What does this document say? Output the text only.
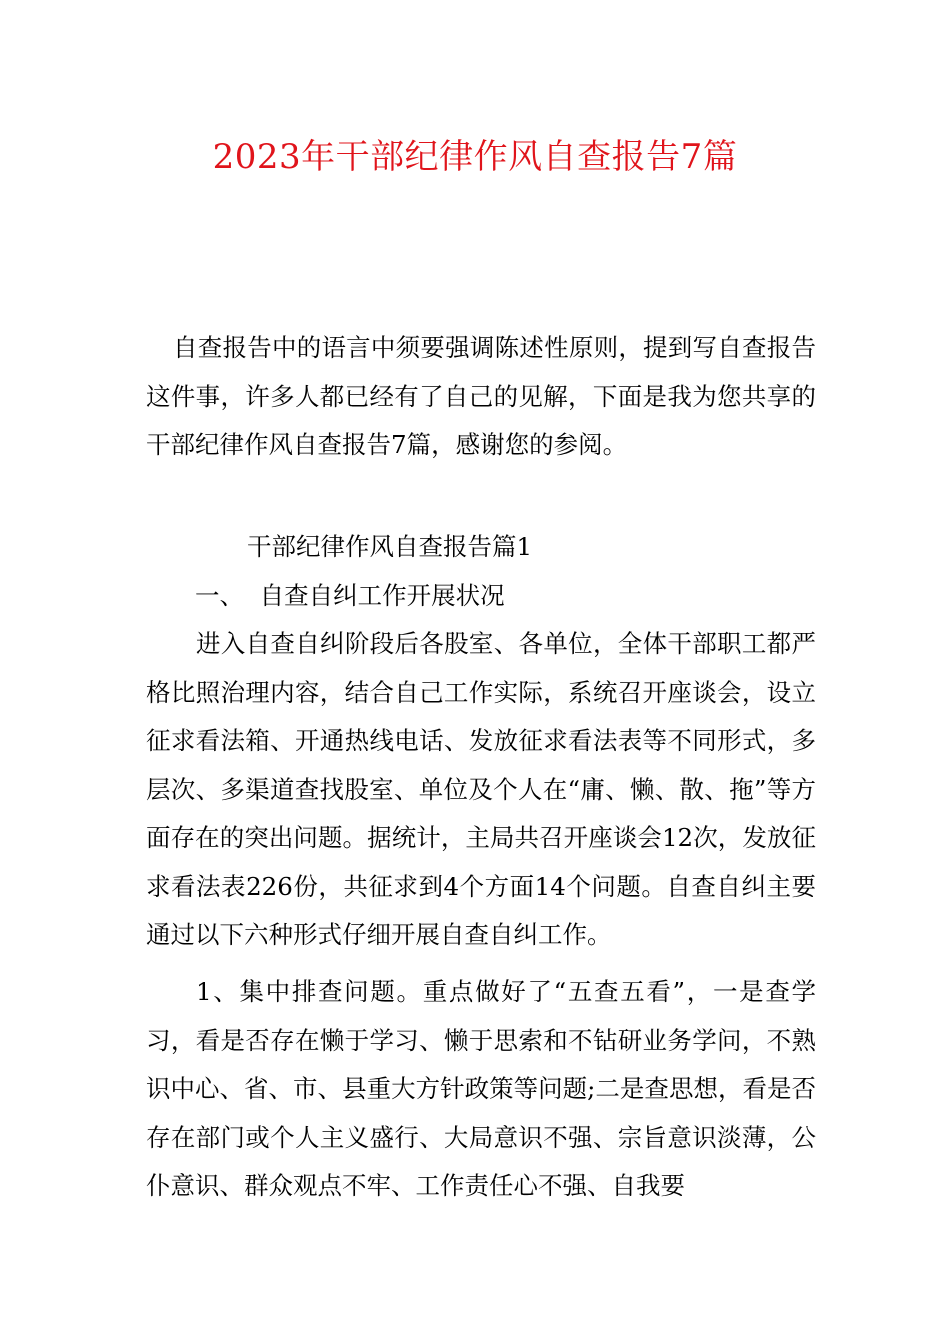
2023年干部纪律作风自查报告7篇

自查报告中的语言中须要强调陈述性原则，提到写自查报告这件事，许多人都已经有了自己的见解，下面是我为您共享的干部纪律作风自查报告7篇，感谢您的参阅。

干部纪律作风自查报告篇1
一、  自查自纠工作开展状况

进入自查自纠阶段后各股室、各单位，全体干部职工都严格比照治理内容，结合自己工作实际，系统召开座谈会，设立征求看法箱、开通热线电话、发放征求看法表等不同形式，多层次、多渠道查找股室、单位及个人在“庸、懒、散、拖”等方面存在的突出问题。据统计，主局共召开座谈会12次，发放征求看法表226份，共征求到4个方面14个问题。自查自纠主要通过以下六种形式仔细开展自查自纠工作。

1、集中排查问题。重点做好了“五查五看”，一是查学习，看是否存在懒于学习、懒于思索和不钻研业务学问，不熟识中心、省、市、县重大方针政策等问题;二是查思想，看是否存在部门或个人主义盛行、大局意识不强、宗旨意识淡薄，公仆意识、群众观点不牢、工作责任心不强、自我要
